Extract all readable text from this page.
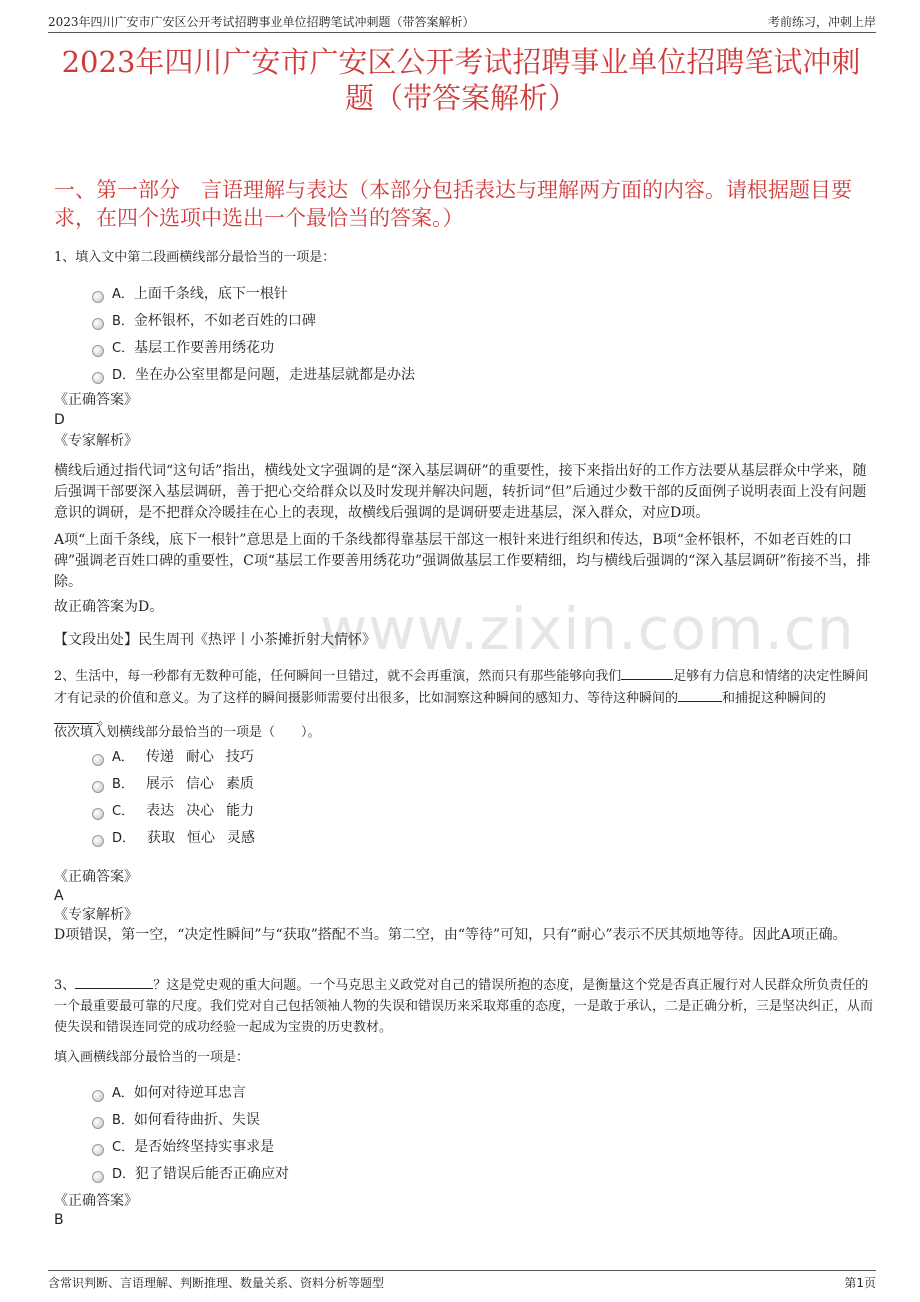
2023年四川广安市广安区公开考试招聘事业单位招聘笔试冲刺题（带答案解析）	考前练习，冲刺上岸
2023年四川广安市广安区公开考试招聘事业单位招聘笔试冲刺题（带答案解析）
一、第一部分　言语理解与表达（本部分包括表达与理解两方面的内容。请根据题目要求，在四个选项中选出一个最恰当的答案。）
www.zixin.com.cn
1、填入文中第二段画横线部分最恰当的一项是：
A．上面千条线，底下一根针
B．金杯银杯，不如老百姓的口碑
C．基层工作要善用绣花功
D．坐在办公室里都是问题，走进基层就都是办法
《正确答案》
D
《专家解析》
横线后通过指代词“这句话”指出，横线处文字强调的是“深入基层调研”的重要性，接下来指出好的工作方法要从基层群众中学来，随后强调干部要深入基层调研，善于把心交给群众以及时发现并解决问题，转折词“但”后通过少数干部的反面例子说明表面上没有问题意识的调研，是不把群众冷暖挂在心上的表现，故横线后强调的是调研要走进基层，深入群众，对应D项。
A项“上面千条线，底下一根针”意思是上面的千条线都得靠基层干部这一根针来进行组织和传达，B项“金杯银杯，不如老百姓的口碑”强调老百姓口碑的重要性，C项“基层工作要善用绣花功”强调做基层工作要精细，均与横线后强调的“深入基层调研”衔接不当，排除。
故正确答案为D。
【文段出处】民生周刊《热评丨小茶摊折射大情怀》
2、生活中，每一秒都有无数种可能，任何瞬间一旦错过，就不会再重演，然而只有那些能够向我们	足够有力信息和情绪的决定性瞬间才有记录的价值和意义。为了这样的瞬间摄影师需要付出很多，比如洞察这种瞬间的感知力、等待这种瞬间的	和捕捉这种瞬间的
。
依次填入划横线部分最恰当的一项是（　　）。
A． 传递 耐心 技巧
B． 展示 信心 素质
C． 表达 决心 能力
D． 获取 恒心 灵感
《正确答案》
A
《专家解析》
D项错误，第一空，“决定性瞬间”与“获取”搭配不当。第二空，由“等待”可知，只有“耐心”表示不厌其烦地等待。因此A项正确。
3、	？这是党史观的重大问题。一个马克思主义政党对自己的错误所抱的态度，是衡量这个党是否真正履行对人民群众所负责任的一个最重要最可靠的尺度。我们党对自己包括领袖人物的失误和错误历来采取郑重的态度，一是敢于承认，二是正确分析，三是坚决纠正，从而使失误和错误连同党的成功经验一起成为宝贵的历史教材。
填入画横线部分最恰当的一项是：
A．如何对待逆耳忠言
B．如何看待曲折、失误
C．是否始终坚持实事求是
D．犯了错误后能否正确应对
《正确答案》
B
含常识判断、言语理解、判断推理、数量关系、资料分析等题型	第1页
